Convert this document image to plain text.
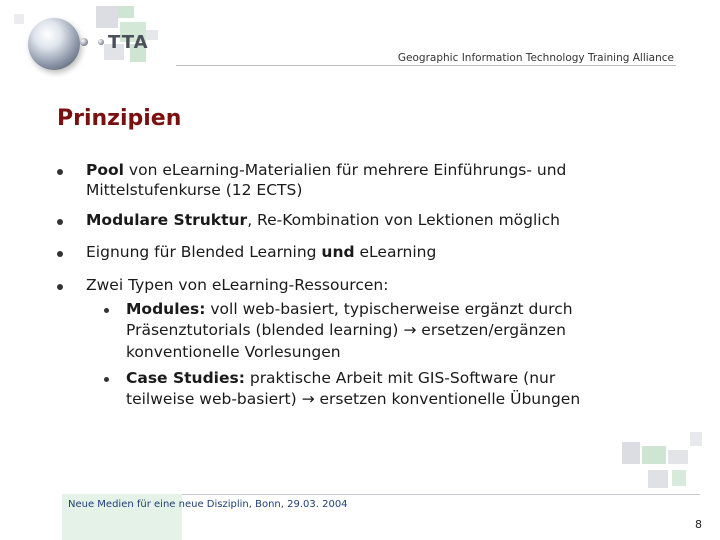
TTA
Geographic Information Technology Training Alliance
Prinzipien
Pool von eLearning-Materialien für mehrere Einführungs- und
Mittelstufenkurse (12 ECTS)
Modulare Struktur, Re-Kombination von Lektionen möglich
Eignung für Blended Learning und eLearning
Zwei Typen von eLearning-Ressourcen:
Modules: voll web-basiert, typischerweise ergänzt durch
Präsenztutorials (blended learning) → ersetzen/ergänzen
konventionelle Vorlesungen
Case Studies: praktische Arbeit mit GIS-Software (nur
teilweise web-basiert) → ersetzen konventionelle Übungen
Neue Medien für eine neue Disziplin, Bonn, 29.03. 2004
8
